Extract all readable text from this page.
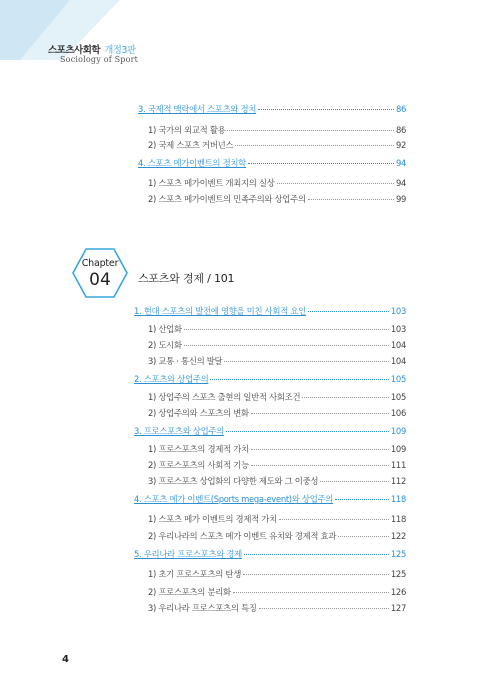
스포츠사회학 개정3판
Sociology of Sport
3. 국제적 맥락에서 스포츠와 정치	86
1) 국가의 외교적 활용	86
2) 국제 스포츠 거버넌스	92
4. 스포츠 메가이벤트의 정치학	94
1) 스포츠 메가이벤트 개최지의 실상	94
2) 스포츠 메가이벤트의 민족주의와 상업주의	99
Chapter
04	스포츠와 경제 / 101
1. 현대 스포츠의 발전에 영향을 미친 사회적 요인	103
1) 산업화	103
2) 도시화	104
3) 교통 · 통신의 발달	104
2. 스포츠와 상업주의	105
1) 상업주의 스포츠 출현의 일반적 사회조건	105
2) 상업주의와 스포츠의 변화	106
3. 프로스포츠와 상업주의	109
1) 프로스포츠의 경제적 가치	109
2) 프로스포츠의 사회적 기능	111
3) 프로스포츠 상업화의 다양한 제도와 그 이중성	112
4. 스포츠 메가 이벤트(Sports mega-event)와 상업주의	118
1) 스포츠 메가 이벤트의 경제적 가치	118
2) 우리나라의 스포츠 메가 이벤트 유치와 경제적 효과	122
5. 우리나라 프로스포츠와 경제	125
1) 초기 프로스포츠의 탄생	125
2) 프로스포츠의 분리화	126
3) 우리나라 프로스포츠의 특징	127
4
